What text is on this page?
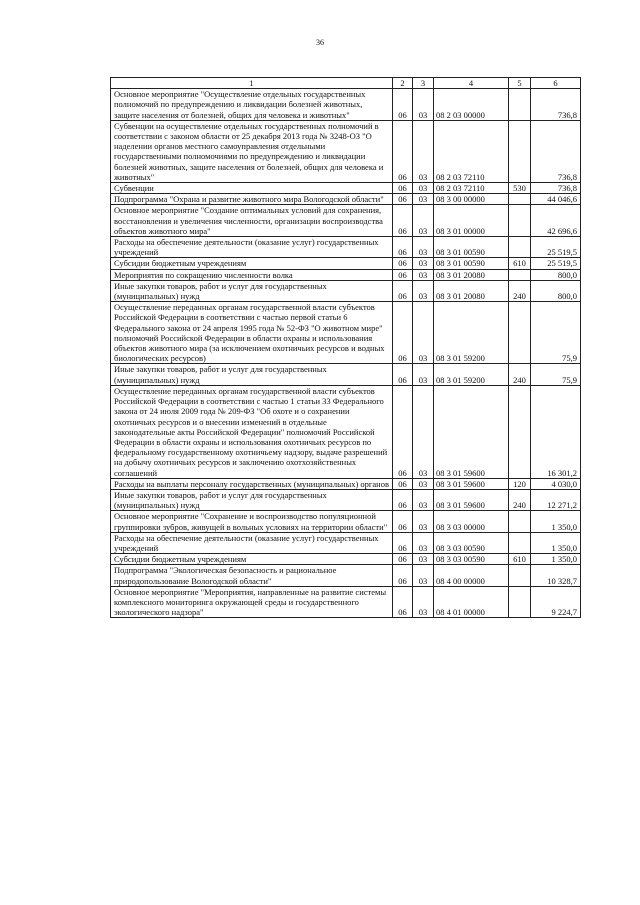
36
1	2	3	4	5	6
Основное мероприятие "Осуществление отдельных государственных полномочий по предупреждению и ликвидации болезней животных, защите населения от болезней, общих для человека и животных"	06	03	08 2 03 00000		736,8
Субвенции на осуществление отдельных государственных полномочий в соответствии с законом области от 25 декабря 2013 года № 3248-ОЗ "О наделении органов местного самоуправления отдельными государственными полномочиями по предупреждению и ликвидации болезней животных, защите населения от болезней, общих для человека и животных"	06	03	08 2 03 72110		736,8
Субвенции	06	03	08 2 03 72110	530	736,8
Подпрограмма "Охрана и развитие животного мира Вологодской области"	06	03	08 3 00 00000		44 046,6
Основное мероприятие "Создание оптимальных условий для сохранения, восстановления и увеличения численности, организации воспроизводства объектов животного мира"	06	03	08 3 01 00000		42 696,6
Расходы на обеспечение деятельности (оказание услуг) государственных учреждений	06	03	08 3 01 00590		25 519,5
Субсидии бюджетным учреждениям	06	03	08 3 01 00590	610	25 519,5
Мероприятия по сокращению численности волка	06	03	08 3 01 20080		800,0
Иные закупки товаров, работ и услуг для государственных (муниципальных) нужд	06	03	08 3 01 20080	240	800,0
Осуществление переданных органам государственной власти субъектов Российской Федерации в соответствии с частью первой статьи 6 Федерального закона от 24 апреля 1995 года № 52-ФЗ "О животном мире" полномочий Российской Федерации в области охраны и использования объектов животного мира (за исключением охотничьих ресурсов и водных биологических ресурсов)	06	03	08 3 01 59200		75,9
Иные закупки товаров, работ и услуг для государственных (муниципальных) нужд	06	03	08 3 01 59200	240	75,9
Осуществление переданных органам государственной власти субъектов Российской Федерации в соответствии с частью 1 статьи 33 Федерального закона от 24 июля 2009 года № 209-ФЗ "Об охоте и о сохранении охотничьих ресурсов и о внесении изменений в отдельные законодательные акты Российской Федерации" полномочий Российской Федерации в области охраны и использования охотничьих ресурсов по федеральному государственному охотничьему надзору, выдаче разрешений на добычу охотничьих ресурсов и заключению охотхозяйственных соглашений	06	03	08 3 01 59600		16 301,2
Расходы на выплаты персоналу государственных (муниципальных) органов	06	03	08 3 01 59600	120	4 030,0
Иные закупки товаров, работ и услуг для государственных (муниципальных) нужд	06	03	08 3 01 59600	240	12 271,2
Основное мероприятие "Сохранение и воспроизводство популяционной группировки зубров, живущей в вольных условиях на территории области"	06	03	08 3 03 00000		1 350,0
Расходы на обеспечение деятельности (оказание услуг) государственных учреждений	06	03	08 3 03 00590		1 350,0
Субсидии бюджетным учреждениям	06	03	08 3 03 00590	610	1 350,0
Подпрограмма "Экологическая безопасность и рациональное природопользование Вологодской области"	06	03	08 4 00 00000		10 328,7
Основное мероприятие "Мероприятия, направленные на развитие системы комплексного мониторинга окружающей среды и государственного экологического надзора"	06	03	08 4 01 00000		9 224,7
